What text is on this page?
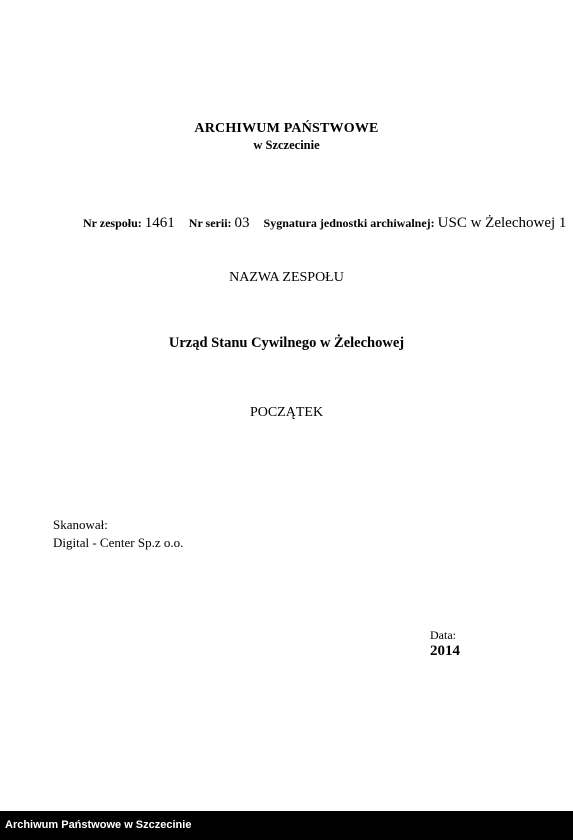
ARCHIWUM PAŃSTWOWE
w Szczecinie
Nr zespołu: 1461 Nr serii: 03 Sygnatura jednostki archiwalnej: USC w Żelechowej 1
NAZWA ZESPOŁU
Urząd Stanu Cywilnego w Żelechowej
POCZĄTEK
Skanował:
Digital - Center Sp.z o.o.
Data:
2014
Archiwum Państwowe w Szczecinie
